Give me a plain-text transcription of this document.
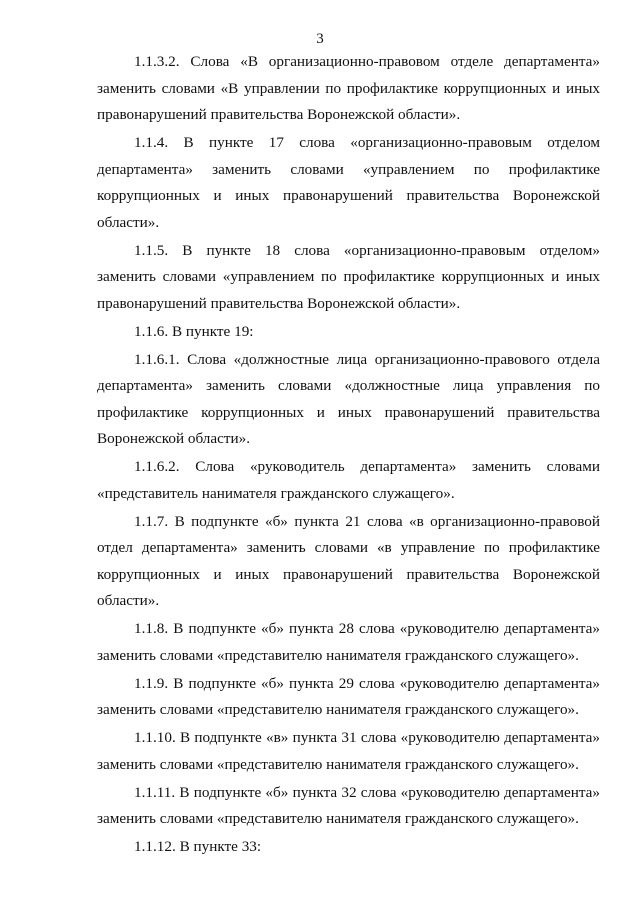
3

1.1.3.2. Слова «В организационно-правовом отделе департамента» заменить словами «В управлении по профилактике коррупционных и иных правонарушений правительства Воронежской области».

1.1.4. В пункте 17 слова «организационно-правовым отделом департамента» заменить словами «управлением по профилактике коррупционных и иных правонарушений правительства Воронежской области».

1.1.5. В пункте 18 слова «организационно-правовым отделом» заменить словами «управлением по профилактике коррупционных и иных правонарушений правительства Воронежской области».

1.1.6. В пункте 19:

1.1.6.1. Слова «должностные лица организационно-правового отдела департамента» заменить словами «должностные лица управления по профилактике коррупционных и иных правонарушений правительства Воронежской области».

1.1.6.2. Слова «руководитель департамента» заменить словами «представитель нанимателя гражданского служащего».

1.1.7. В подпункте «б» пункта 21 слова «в организационно-правовой отдел департамента» заменить словами «в управление по профилактике коррупционных и иных правонарушений правительства Воронежской области».

1.1.8. В подпункте «б» пункта 28 слова «руководителю департамента» заменить словами «представителю нанимателя гражданского служащего».

1.1.9. В подпункте «б» пункта 29 слова «руководителю департамента» заменить словами «представителю нанимателя гражданского служащего».

1.1.10. В подпункте «в» пункта 31 слова «руководителю департамента» заменить словами «представителю нанимателя гражданского служащего».

1.1.11. В подпункте «б» пункта 32 слова «руководителю департамента» заменить словами «представителю нанимателя гражданского служащего».

1.1.12. В пункте 33:
